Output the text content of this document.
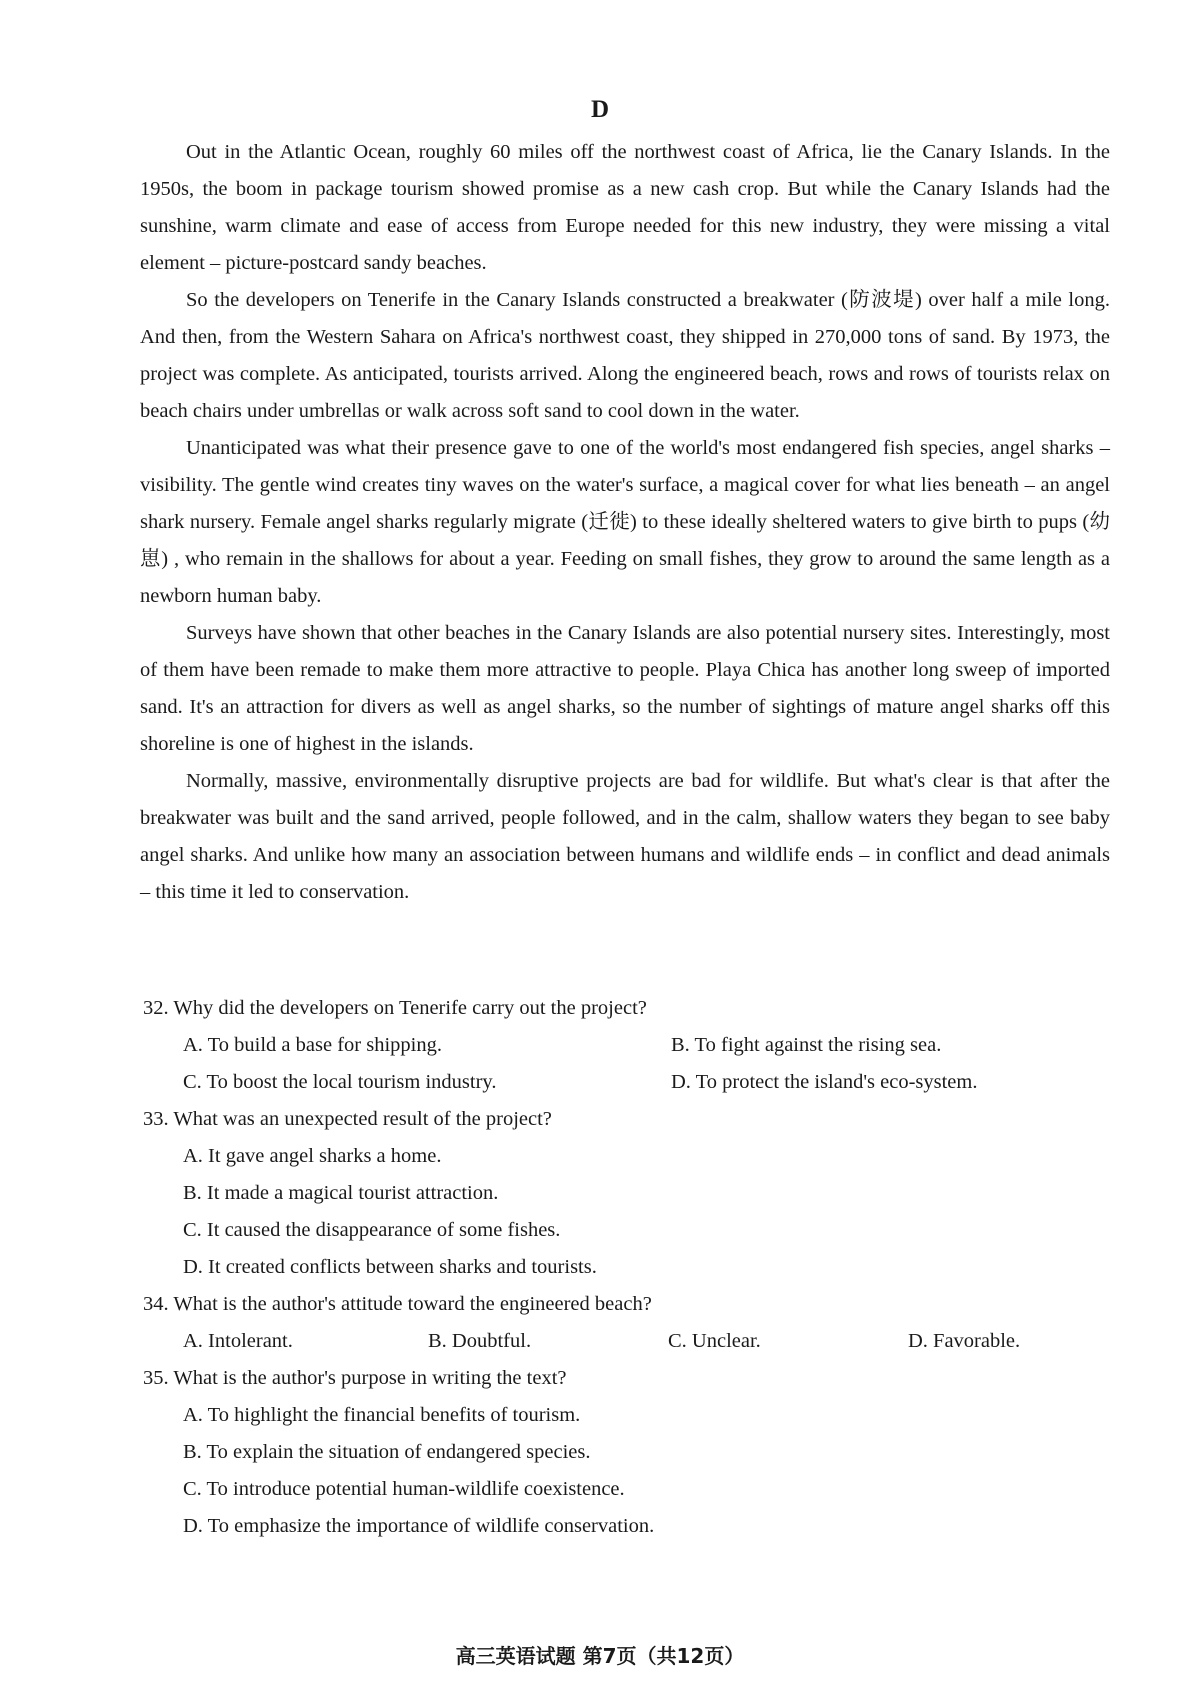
D

Out in the Atlantic Ocean, roughly 60 miles off the northwest coast of Africa, lie the Canary Islands. In the 1950s, the boom in package tourism showed promise as a new cash crop. But while the Canary Islands had the sunshine, warm climate and ease of access from Europe needed for this new industry, they were missing a vital element – picture-postcard sandy beaches.

So the developers on Tenerife in the Canary Islands constructed a breakwater (防波堤) over half a mile long. And then, from the Western Sahara on Africa's northwest coast, they shipped in 270,000 tons of sand. By 1973, the project was complete. As anticipated, tourists arrived. Along the engineered beach, rows and rows of tourists relax on beach chairs under umbrellas or walk across soft sand to cool down in the water.

Unanticipated was what their presence gave to one of the world's most endangered fish species, angel sharks – visibility. The gentle wind creates tiny waves on the water's surface, a magical cover for what lies beneath – an angel shark nursery. Female angel sharks regularly migrate (迁徙) to these ideally sheltered waters to give birth to pups (幼崽) , who remain in the shallows for about a year. Feeding on small fishes, they grow to around the same length as a newborn human baby.

Surveys have shown that other beaches in the Canary Islands are also potential nursery sites. Interestingly, most of them have been remade to make them more attractive to people. Playa Chica has another long sweep of imported sand. It's an attraction for divers as well as angel sharks, so the number of sightings of mature angel sharks off this shoreline is one of highest in the islands.

Normally, massive, environmentally disruptive projects are bad for wildlife. But what's clear is that after the breakwater was built and the sand arrived, people followed, and in the calm, shallow waters they began to see baby angel sharks. And unlike how many an association between humans and wildlife ends – in conflict and dead animals – this time it led to conservation.

32. Why did the developers on Tenerife carry out the project?
A. To build a base for shipping.	B. To fight against the rising sea.
C. To boost the local tourism industry.	D. To protect the island's eco-system.
33. What was an unexpected result of the project?
A. It gave angel sharks a home.
B. It made a magical tourist attraction.
C. It caused the disappearance of some fishes.
D. It created conflicts between sharks and tourists.
34. What is the author's attitude toward the engineered beach?
A. Intolerant.	B. Doubtful.	C. Unclear.	D. Favorable.
35. What is the author's purpose in writing the text?
A. To highlight the financial benefits of tourism.
B. To explain the situation of endangered species.
C. To introduce potential human-wildlife coexistence.
D. To emphasize the importance of wildlife conservation.
高三英语试题 第7页（共12页）
